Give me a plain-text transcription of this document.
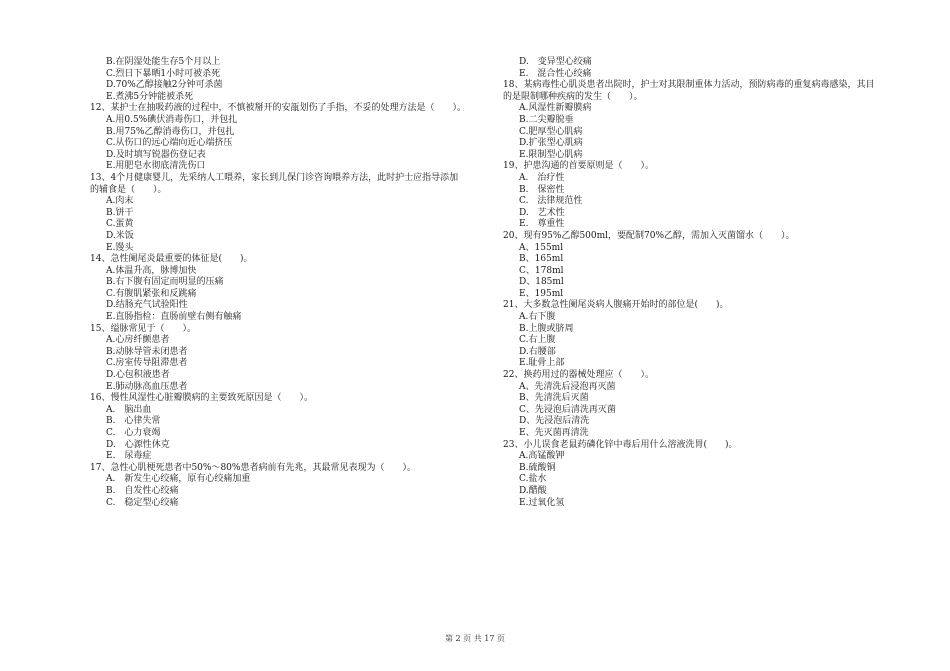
B.在阴湿处能生存5个月以上
C.烈日下暴晒1小时可被杀死
D.70%乙醇接触2分钟可杀菌
E.煮沸5分钟能被杀死
12、某护士在抽吸药液的过程中，不慎被掰开的安瓿划伤了手指，不妥的处理方法是（　　）。
A.用0.5%碘伏消毒伤口，并包扎
B.用75%乙醇消毒伤口，并包扎
C.从伤口的远心端向近心端挤压
D.及时填写锐器伤登记表
E.用肥皂水彻底清洗伤口
13、4个月健康婴儿，先采纳人工喂养，家长到儿保门诊咨询喂养方法，此时护士应指导添加
的辅食是（　　）。
A.肉末
B.饼干
C.蛋黄
D.米饭
E.馒头
14、急性阑尾炎最重要的体征是(　　)。
A.体温升高，脉博加快
B.右下腹有固定而明显的压痛
C.有腹肌紧张和反跳痛
D.结肠充气试验阳性
E.直肠指检：直肠前壁右侧有触痛
15、缢脉常见于（　　）。
A.心房纤颤患者
B.动脉导管未闭患者
C.房室传导阻滞患者
D.心包积液患者
E.肺动脉高血压患者
16、慢性风湿性心脏瓣膜病的主要致死原因是（　　）。
A.　脑出血
B.　心律失常
C.　心力衰竭
D.　心源性休克
E.　尿毒症
17、急性心肌梗死患者中50%～80%患者病前有先兆，其最常见表现为（　　）。
A.　新发生心绞痛，原有心绞痛加重
B.　自发性心绞痛
C.　稳定型心绞痛
D.　变异型心绞痛
E.　混合性心绞痛
18、某病毒性心肌炎患者出院时，护士对其限制重体力活动，预防病毒的重复病毒感染，其目
的是限制哪种疾病的发生（　　）。
A.风湿性新瓣膜病
B.二尖瓣脱垂
C.肥厚型心肌病
D.扩张型心肌病
E.限制型心肌病
19、护患沟通的首要原则是（　　）。
A.　治疗性
B.　保密性
C.　法律规范性
D.　艺术性
E.　尊重性
20、现有95%乙醇500ml，要配制70%乙醇，需加入灭菌馏水（　　）。
A、155ml
B、165ml
C、178ml
D、185ml
E、195ml
21、大多数急性阑尾炎病人腹痛开始时的部位是(　　)。
A.右下腹
B.上腹或脐周
C.右上腹
D.右腰部
E.耻骨上部
22、换药用过的器械处理应（　　）。
A、先清洗后浸泡再灭菌
B、先清洗后灭菌
C、先浸泡后清洗再灭菌
D、先浸泡后清洗
E、先灭菌再清洗
23、小儿误食老鼠药磷化锌中毒后用什么溶液洗胃(　　)。
A.高锰酸钾
B.硫酸铜
C.盐水
D.醋酸
E.过氧化氢
第 2 页 共 17 页
